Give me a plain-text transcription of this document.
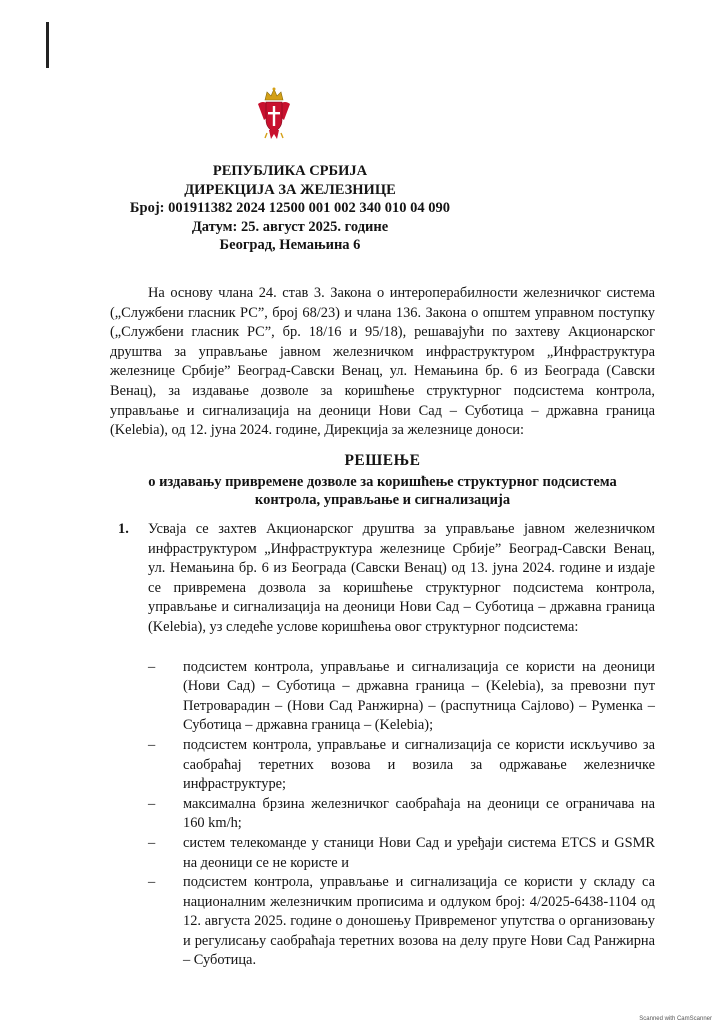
РЕПУБЛИКА СРБИЈА
ДИРЕКЦИЈА ЗА ЖЕЛЕЗНИЦЕ
Број: 001911382 2024 12500 001 002 340 010 04 090
Датум: 25. август 2025. године
Београд, Немањина 6

На основу члана 24. став 3. Закона о интероперабилности железничког система („Службени гласник РС”, број 68/23) и члана 136. Закона о општем управном поступку („Службени гласник РС”, бр. 18/16 и 95/18), решавајући по захтеву Акционарског друштва за управљање јавном железничком инфраструктуром „Инфраструктура железнице Србије” Београд-Савски Венац, ул. Немањина бр. 6 из Београда (Савски Венац), за издавање дозволе за коришћење структурног подсистема контрола, управљање и сигнализација на деоници Нови Сад – Суботица – државна граница (Kelebia), од 12. јуна 2024. године, Дирекција за железнице доноси:

РЕШЕЊЕ
о издавању привремене дозволе за коришћење структурног подсистема
контрола, управљање и сигнализација
1.	Усваја се захтев Акционарског друштва за управљање јавном железничком инфраструктуром „Инфраструктура железнице Србије” Београд-Савски Венац, ул. Немањина бр. 6 из Београда (Савски Венац) од 13. јуна 2024. године и издаје се привремена дозвола за коришћење структурног подсистема контрола, управљање и сигнализација на деоници Нови Сад – Суботица – државна граница (Kelebia), уз следеће услове коришћења овог структурног подсистема:
– подсистем контрола, управљање и сигнализација се користи на деоници (Нови Сад) – Суботица – државна граница – (Kelebia), за превозни пут Петроварадин – (Нови Сад Ранжирна) – (распутница Сајлово) – Руменка – Суботица – државна граница – (Kelebia);
– подсистем контрола, управљање и сигнализација се користи искључиво за саобраћај теретних возова и возила за одржавање железничке инфраструктуре;
– максимална брзина железничког саобраћаја на деоници се ограничава на 160 km/h;
– систем телекоманде у станици Нови Сад и уређаји система ETCS и GSMR на деоници се не користе и
– подсистем контрола, управљање и сигнализација се користи у складу са националним железничким прописима и одлуком број: 4/2025-6438-1104 од 12. августа 2025. године о доношењу Привременог упутства о организовању и регулисању саобраћаја теретних возова на делу пруге Нови Сад Ранжирна – Суботица.
Scanned with CamScanner
